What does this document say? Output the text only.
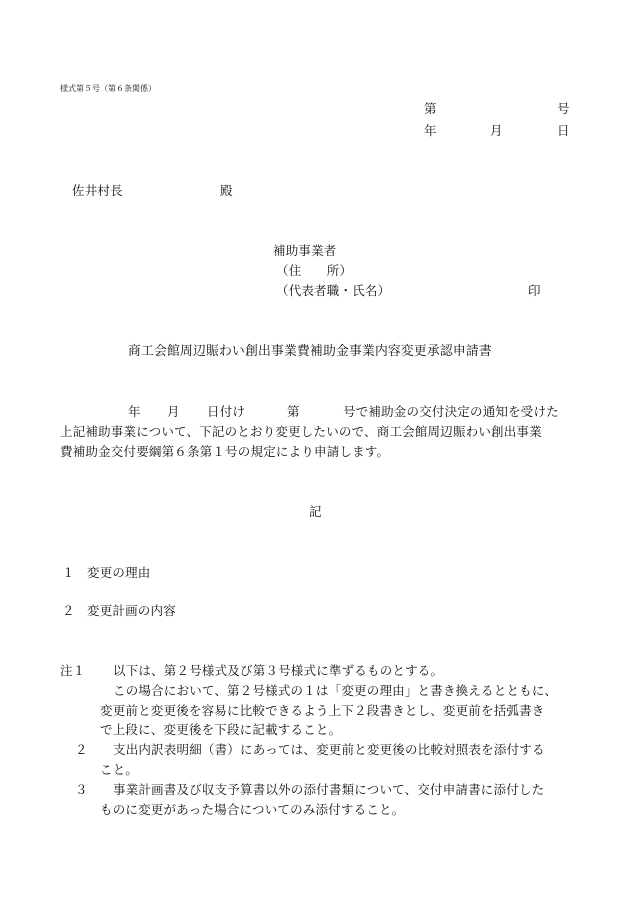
様式第５号（第６条関係）
第	号
年	月	日
佐井村長	殿
補助事業者
（住　　所）
（代表者職・氏名）	印
商工会館周辺賑わい創出事業費補助金事業内容変更承認申請書
年 月 日付け	第	号で補助金の交付決定の通知を受けた
上記補助事業について、下記のとおり変更したいので、商工会館周辺賑わい創出事業
費補助金交付要綱第６条第１号の規定により申請します。
記
１ 変更の理由
２ 変更計画の内容
注１ 以下は、第２号様式及び第３号様式に準ずるものとする。
この場合において、第２号様式の１は「変更の理由」と書き換えるとともに、
変更前と変更後を容易に比較できるよう上下２段書きとし、変更前を括弧書き
で上段に、変更後を下段に記載すること。
２ 支出内訳表明細（書）にあっては、変更前と変更後の比較対照表を添付する
こと。
３ 事業計画書及び収支予算書以外の添付書類について、交付申請書に添付した
ものに変更があった場合についてのみ添付すること。
